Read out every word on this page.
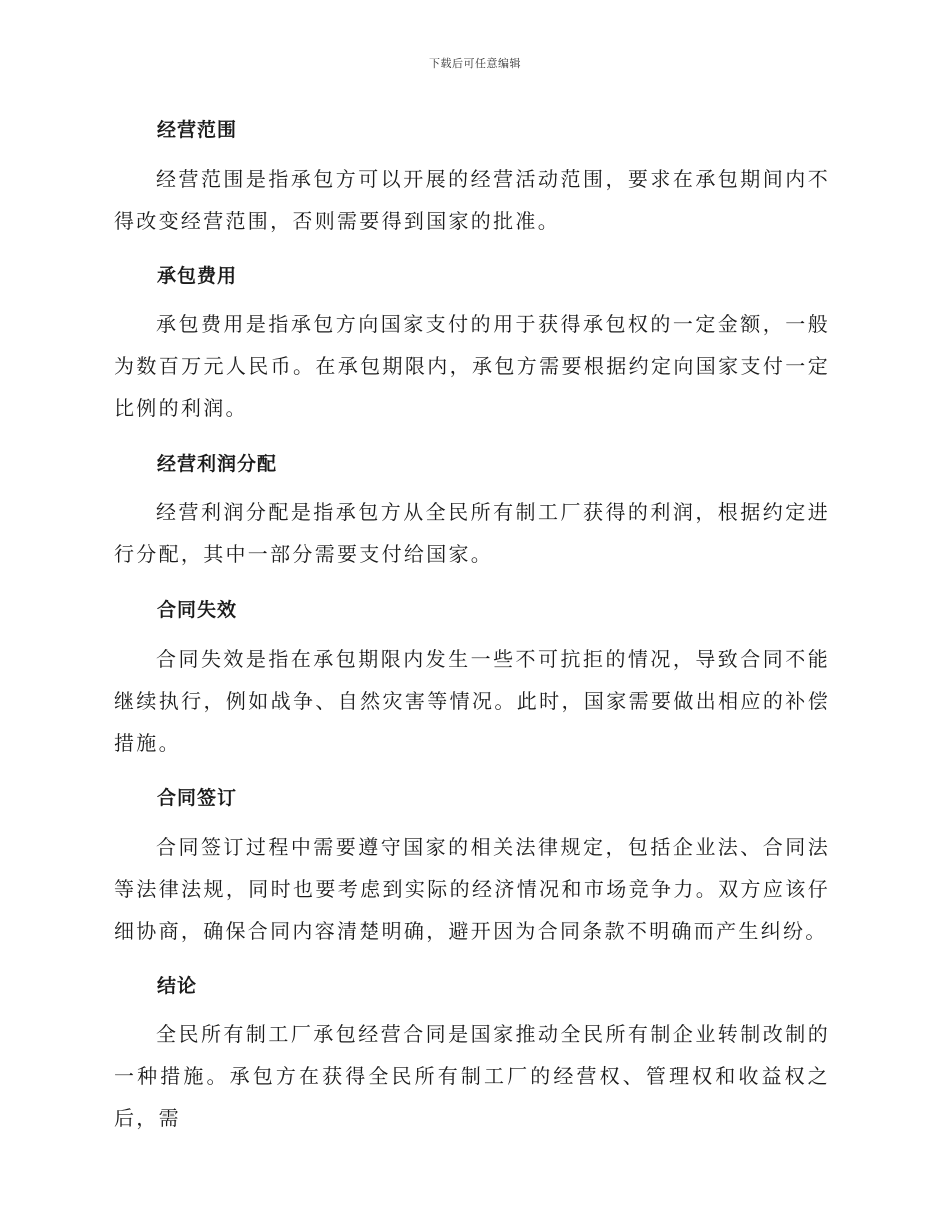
下载后可任意编辑
经营范围

经营范围是指承包方可以开展的经营活动范围，要求在承包期间内不得改变经营范围，否则需要得到国家的批准。

承包费用

承包费用是指承包方向国家支付的用于获得承包权的一定金额，一般为数百万元人民币。在承包期限内，承包方需要根据约定向国家支付一定比例的利润。

经营利润分配

经营利润分配是指承包方从全民所有制工厂获得的利润，根据约定进行分配，其中一部分需要支付给国家。

合同失效

合同失效是指在承包期限内发生一些不可抗拒的情况，导致合同不能继续执行，例如战争、自然灾害等情况。此时，国家需要做出相应的补偿措施。

合同签订

合同签订过程中需要遵守国家的相关法律规定，包括企业法、合同法等法律法规，同时也要考虑到实际的经济情况和市场竞争力。双方应该仔细协商，确保合同内容清楚明确，避开因为合同条款不明确而产生纠纷。

结论

全民所有制工厂承包经营合同是国家推动全民所有制企业转制改制的一种措施。承包方在获得全民所有制工厂的经营权、管理权和收益权之后，需
